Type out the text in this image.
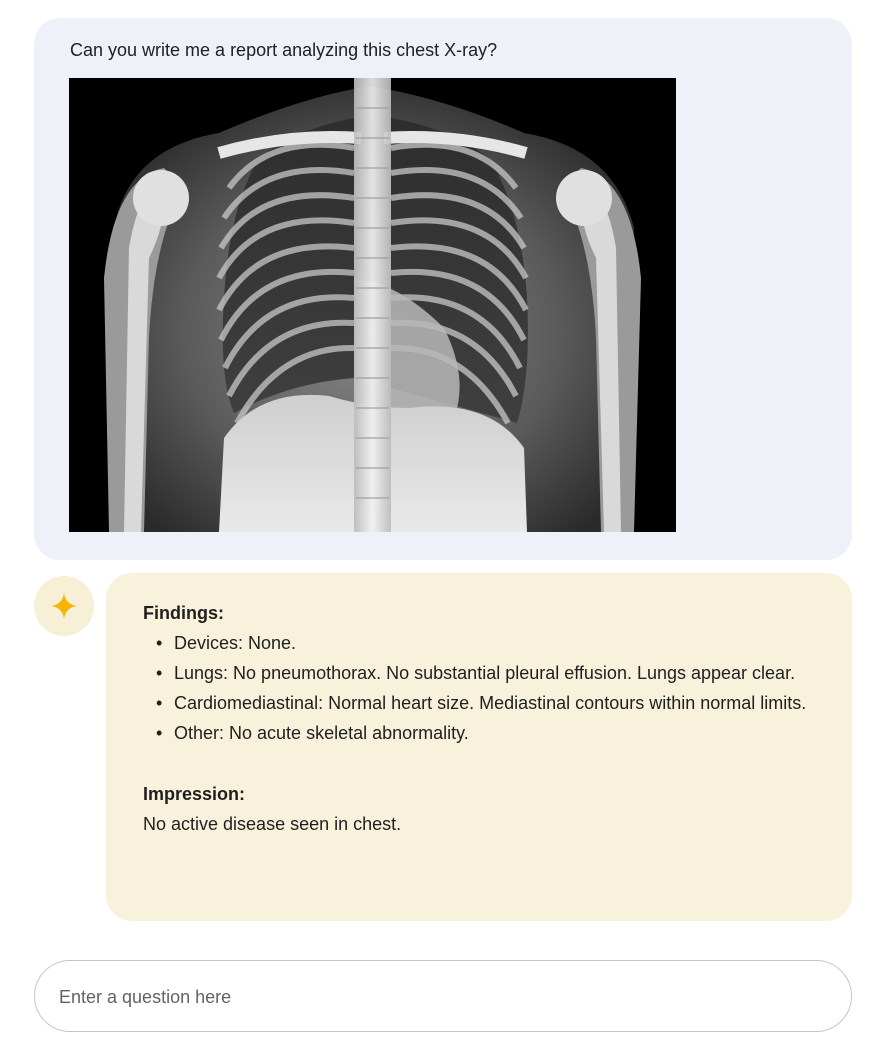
Can you write me a report analyzing this chest X-ray?
Findings:
• Devices: None.
• Lungs: No pneumothorax. No substantial pleural effusion. Lungs appear clear.
• Cardiomediastinal: Normal heart size. Mediastinal contours within normal limits.
• Other: No acute skeletal abnormality.
Impression:
No active disease seen in chest.
Enter a question here
